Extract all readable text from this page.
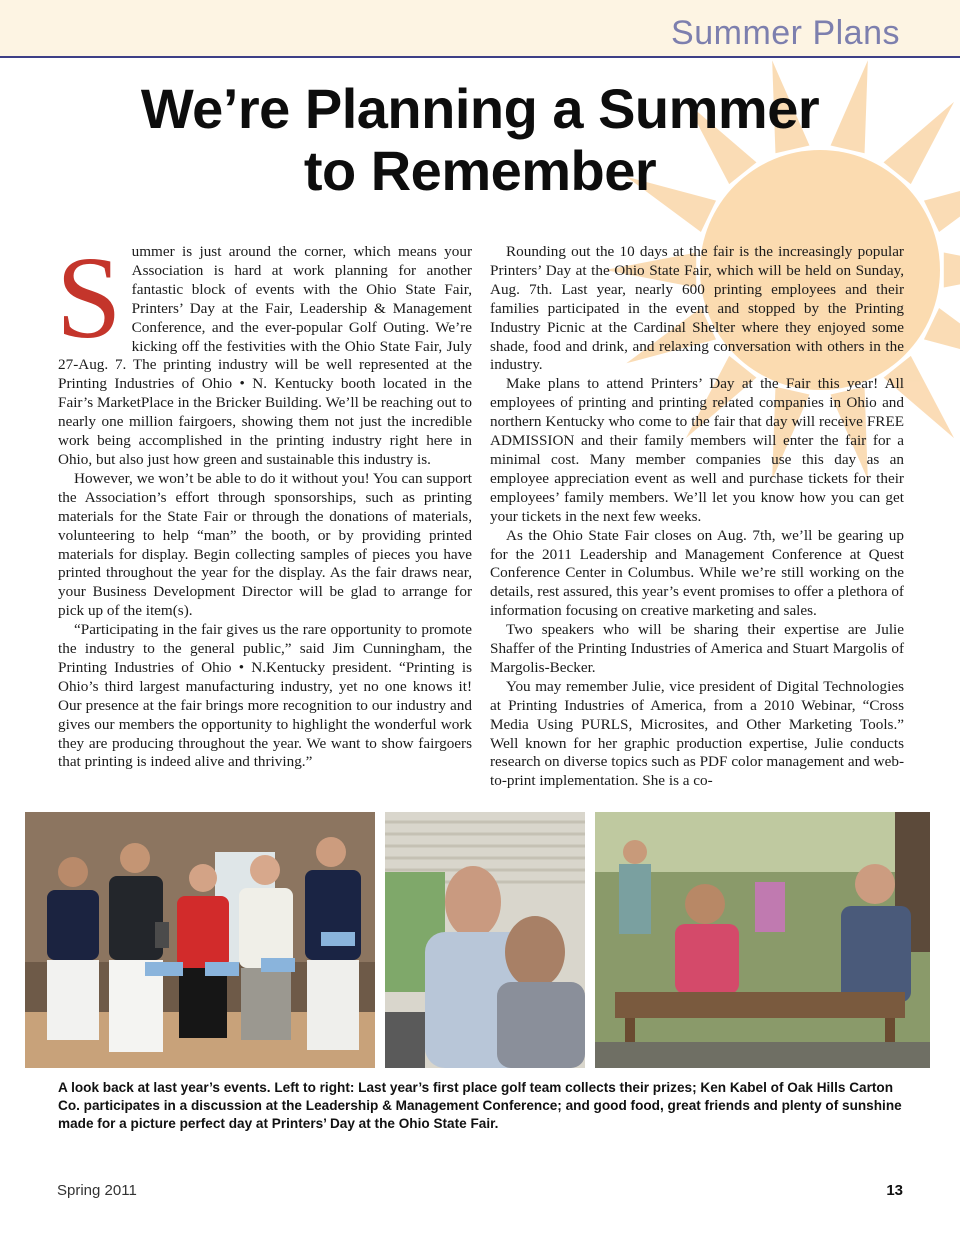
Summer Plans
We’re Planning a Summer
to Remember

Summer is just around the corner, which means your Association is hard at work planning for another fantastic block of events with the Ohio State Fair, Printers’ Day at the Fair, Leadership & Management Conference, and the ever-popular Golf Outing. We’re kicking off the festivities with the Ohio State Fair, July 27-Aug. 7. The printing industry will be well represented at the Printing Industries of Ohio • N. Kentucky booth located in the Fair’s MarketPlace in the Bricker Building. We’ll be reaching out to nearly one million fairgoers, showing them not just the incredible work being accomplished in the printing industry right here in Ohio, but also just how green and sustainable this industry is.

However, we won’t be able to do it without you! You can support the Association’s effort through sponsorships, such as printing materials for the State Fair or through the donations of materials, volunteering to help “man” the booth, or by providing printed materials for display. Begin collecting samples of pieces you have printed throughout the year for the display. As the fair draws near, your Business Development Director will be glad to arrange for pick up of the item(s).

“Participating in the fair gives us the rare opportunity to promote the industry to the general public,” said Jim Cunningham, the Printing Industries of Ohio • N.Kentucky president. “Printing is Ohio’s third largest manufacturing industry, yet no one knows it! Our presence at the fair brings more recognition to our industry and gives our members the opportunity to highlight the wonderful work they are producing throughout the year. We want to show fairgoers that printing is indeed alive and thriving.”

Rounding out the 10 days at the fair is the increasingly popular Printers’ Day at the Ohio State Fair, which will be held on Sunday, Aug. 7th. Last year, nearly 600 printing employees and their families participated in the event and stopped by the Printing Industry Picnic at the Cardinal Shelter where they enjoyed some shade, food and drink, and relaxing conversation with others in the industry.

Make plans to attend Printers’ Day at the Fair this year! All employees of printing and printing related companies in Ohio and northern Kentucky who come to the fair that day will receive FREE ADMISSION and their family members will enter the fair for a minimal cost. Many member companies use this day as an employee appreciation event as well and purchase tickets for their employees’ family members. We’ll let you know how you can get your tickets in the next few weeks.

As the Ohio State Fair closes on Aug. 7th, we’ll be gearing up for the 2011 Leadership and Management Conference at Quest Conference Center in Columbus. While we’re still working on the details, rest assured, this year’s event promises to offer a plethora of information focusing on creative marketing and sales.

Two speakers who will be sharing their expertise are Julie Shaffer of the Printing Industries of America and Stuart Margolis of Margolis-Becker.

You may remember Julie, vice president of Digital Technologies at Printing Industries of America, from a 2010 Webinar, “Cross Media Using PURLS, Microsites, and Other Marketing Tools.” Well known for her graphic production expertise, Julie conducts research on diverse topics such as PDF color management and web-to-print implementation. She is a co-

A look back at last year’s events. Left to right: Last year’s first place golf team collects their prizes; Ken Kabel of Oak Hills Carton Co. participates in a discussion at the Leadership & Management Conference; and good food, great friends and plenty of sunshine made for a picture perfect day at Printers’ Day at the Ohio State Fair.
Spring 2011	13
